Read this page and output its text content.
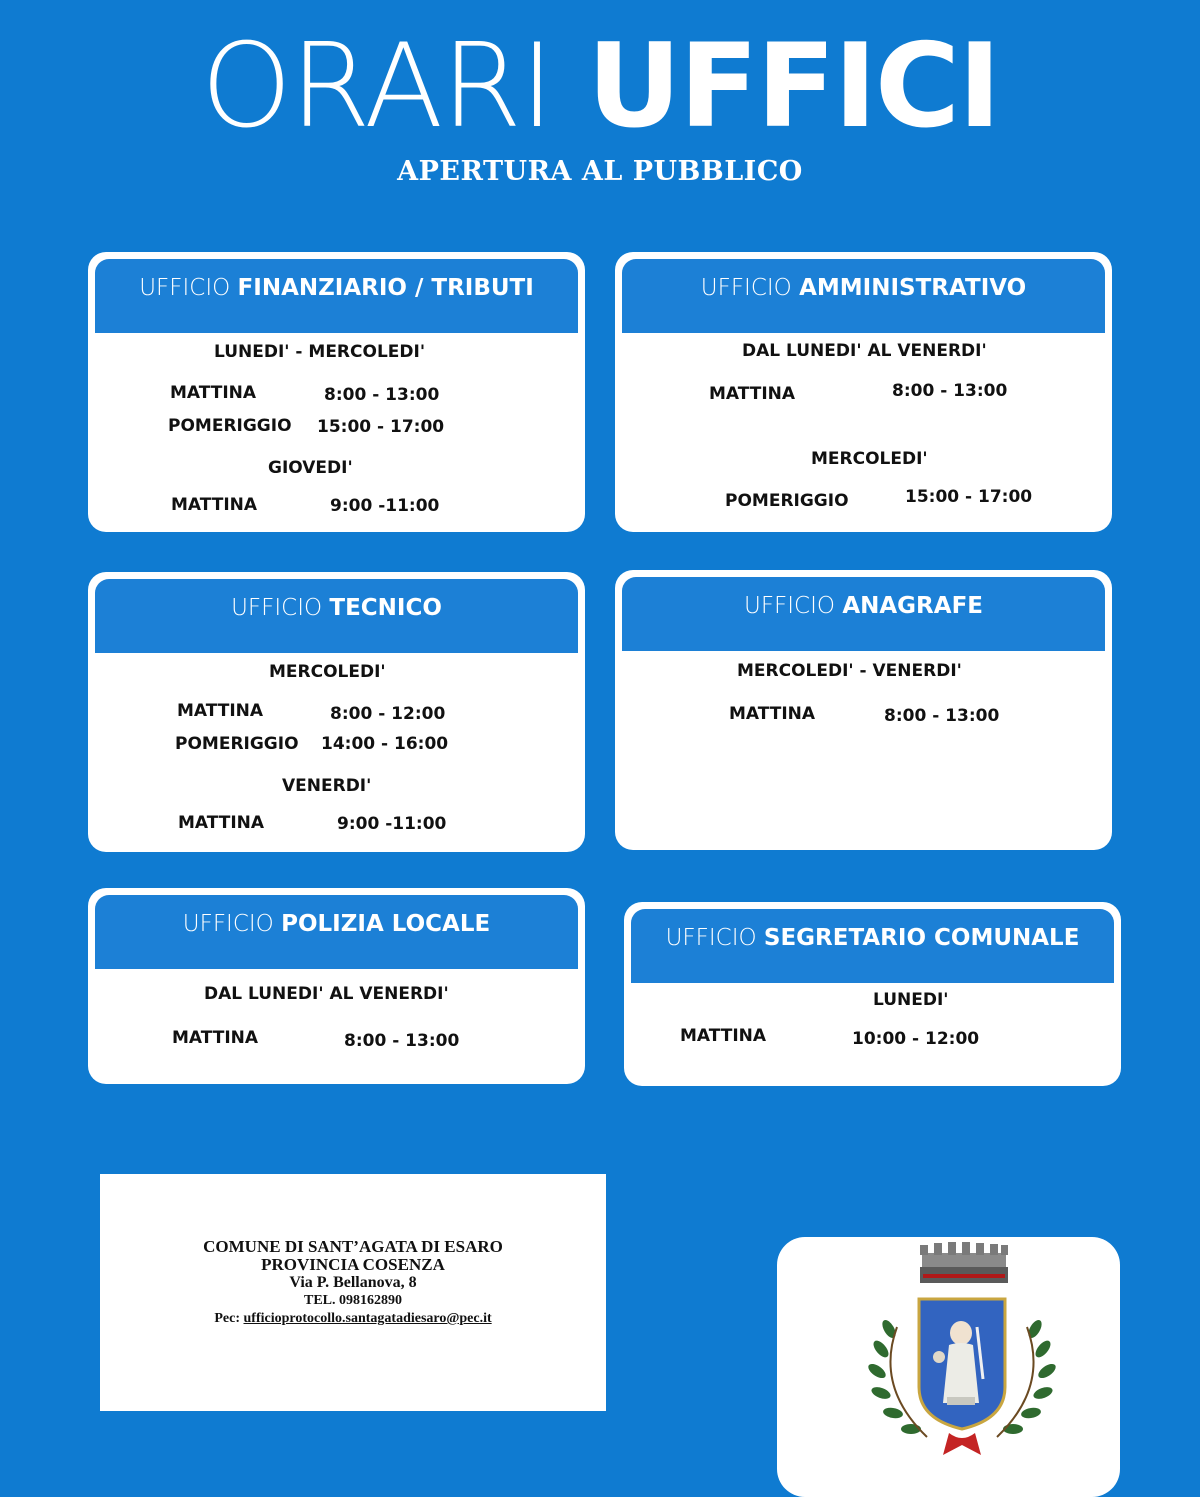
ORARI UFFICI
APERTURA AL PUBBLICO
UFFICIO FINANZIARIO / TRIBUTI
LUNEDI' - MERCOLEDI'
MATTINA	8:00 - 13:00
POMERIGGIO 15:00 - 17:00
GIOVEDI'
MATTINA	9:00 -11:00
UFFICIO AMMINISTRATIVO
DAL LUNEDI' AL VENERDI'
MATTINA	8:00 - 13:00
MERCOLEDI'
POMERIGGIO	15:00 - 17:00
UFFICIO TECNICO
MERCOLEDI'
MATTINA	8:00 - 12:00
POMERIGGIO 14:00 - 16:00
VENERDI'
MATTINA	9:00 -11:00
UFFICIO ANAGRAFE
MERCOLEDI' - VENERDI'
MATTINA	8:00 - 13:00
UFFICIO POLIZIA LOCALE
DAL LUNEDI' AL VENERDI'
MATTINA	8:00 - 13:00
UFFICIO SEGRETARIO COMUNALE
LUNEDI'
MATTINA	10:00 - 12:00
COMUNE DI SANT’AGATA DI ESARO
PROVINCIA COSENZA
Via P. Bellanova, 8
TEL. 098162890
Pec: ufficioprotocollo.santagatadiesaro@pec.it
